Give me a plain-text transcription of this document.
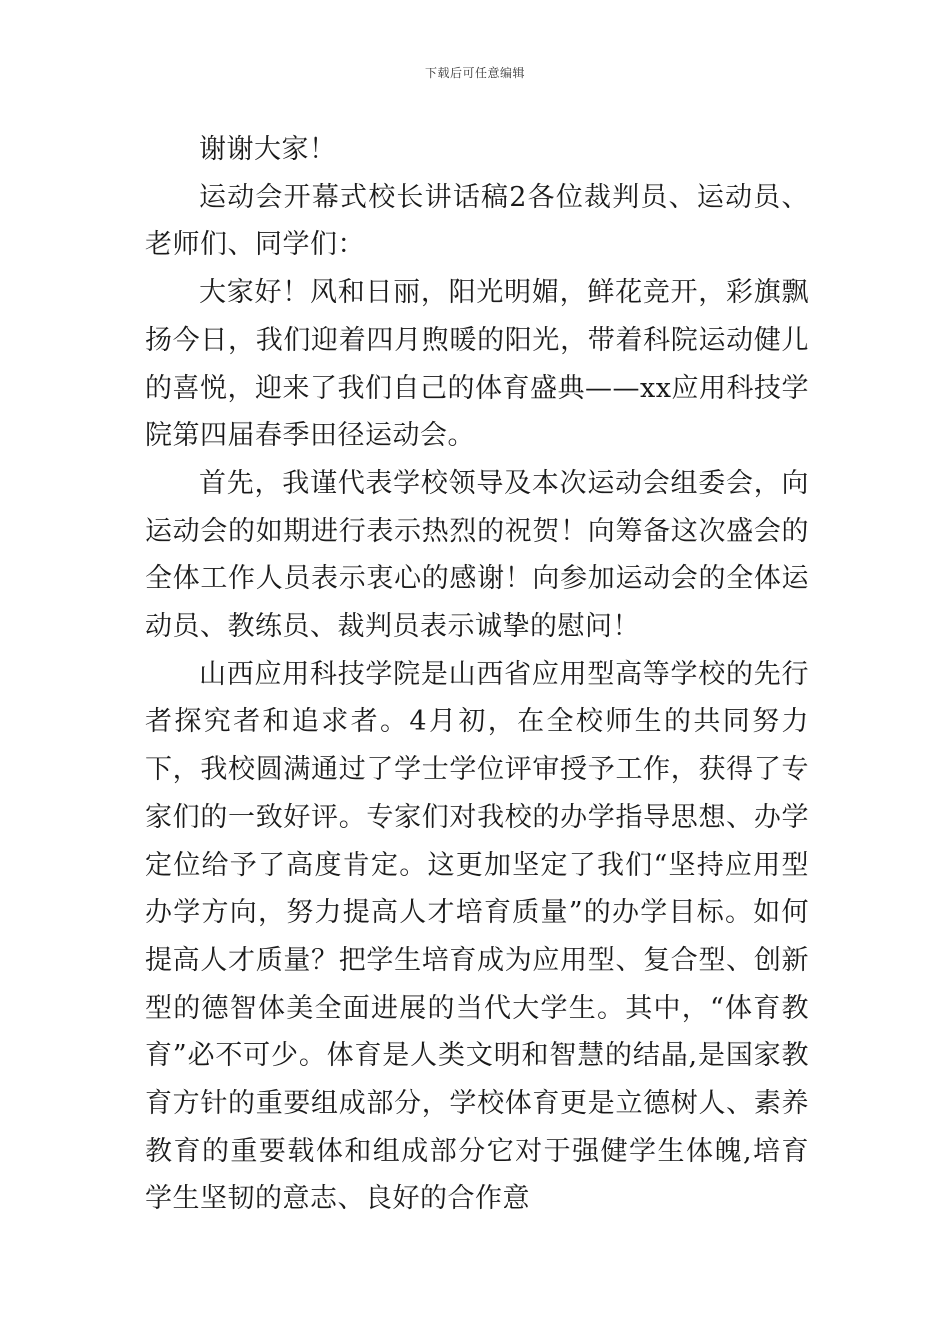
下载后可任意编辑

谢谢大家！

运动会开幕式校长讲话稿2各位裁判员、运动员、老师们、同学们：

大家好！风和日丽，阳光明媚，鲜花竞开，彩旗飘扬今日，我们迎着四月煦暖的阳光，带着科院运动健儿的喜悦，迎来了我们自己的体育盛典——xx应用科技学院第四届春季田径运动会。

首先，我谨代表学校领导及本次运动会组委会，向运动会的如期进行表示热烈的祝贺！向筹备这次盛会的全体工作人员表示衷心的感谢！向参加运动会的全体运动员、教练员、裁判员表示诚挚的慰问！

山西应用科技学院是山西省应用型高等学校的先行者探究者和追求者。4月初，在全校师生的共同努力下，我校圆满通过了学士学位评审授予工作，获得了专家们的一致好评。专家们对我校的办学指导思想、办学定位给予了高度肯定。这更加坚定了我们“坚持应用型办学方向，努力提高人才培育质量”的办学目标。如何提高人才质量？把学生培育成为应用型、复合型、创新型的德智体美全面进展的当代大学生。其中，“体育教育”必不可少。体育是人类文明和智慧的结晶,是国家教育方针的重要组成部分，学校体育更是立德树人、素养教育的重要载体和组成部分它对于强健学生体魄,培育学生坚韧的意志、良好的合作意
